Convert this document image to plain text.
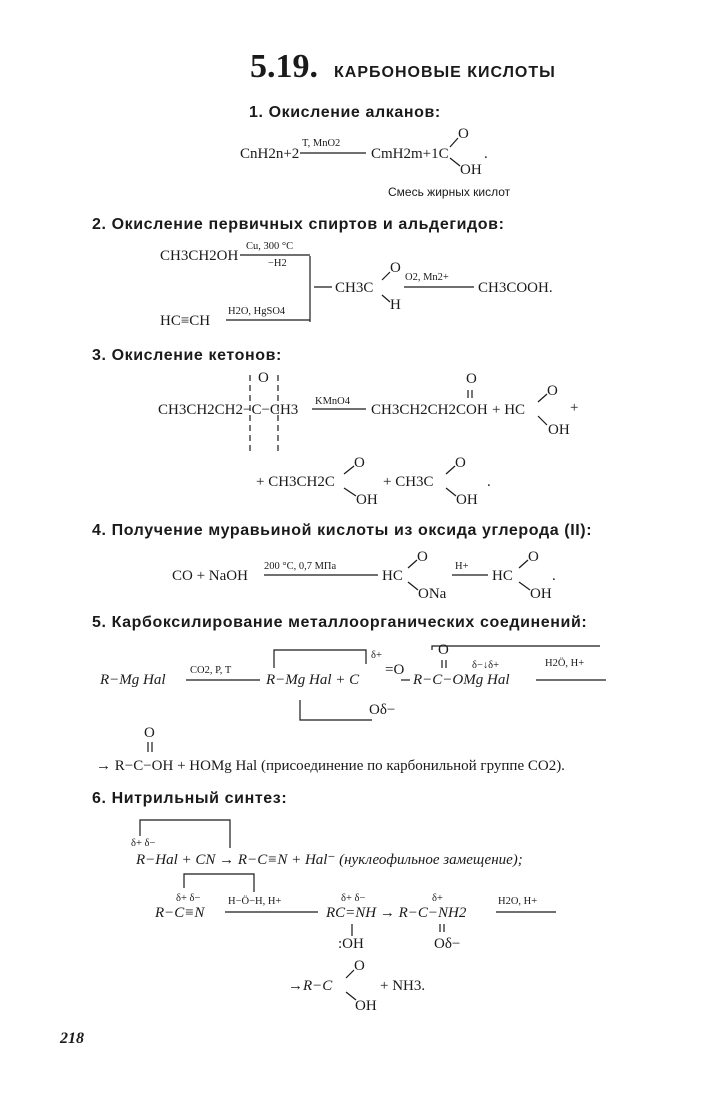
5.19. КАРБОНОВЫЕ КИСЛОТЫ
1. Окисление алканов:
CnH2n+2
T, MnO2
CmH2m+1C
O
OH
.
Смесь жирных кислот
2. Окисление первичных спиртов и альдегидов:
CH3CH2OH
Cu, 300 °C
−H2
HC≡CH
H2O, HgSO4
CH3C
O
H
O2, Mn2+
CH3COOH.
3. Окисление кетонов:
O
CH3CH2CH2−C−CH3
KMnO4
O
CH3CH2CH2COH + HC
O
OH
+
+ CH3CH2C
O
OH
+ CH3C
O
OH
.
4. Получение муравьиной кислоты из оксида углерода (II):
CO + NaOH
200 °C, 0,7 МПа
HC
O
ONa
H+
HC
O
OH
.
5. Карбоксилирование металлоорганических соединений:
R−Mg Hal
CO2, P, T
δ+
R−Mg Hal + C
=O
Oδ−
O
δ−↓δ+
R−C−OMg Hal
H2Ö, H+
O
→ R−C−OH + HOMg Hal (присоединение по карбонильной группе CO2).
6. Нитрильный синтез:
δ+ δ−
R−Hal + CN → R−C≡N + Hal⁻ (нуклеофильное замещение);
δ+ δ−
R−C≡N
H−Ö−H, H+	δ+ δ−
RC=NH → R−C−NH2
δ+	H2O, H+
:OH	Oδ−
→R−C
O
OH
+ NH3.
218
